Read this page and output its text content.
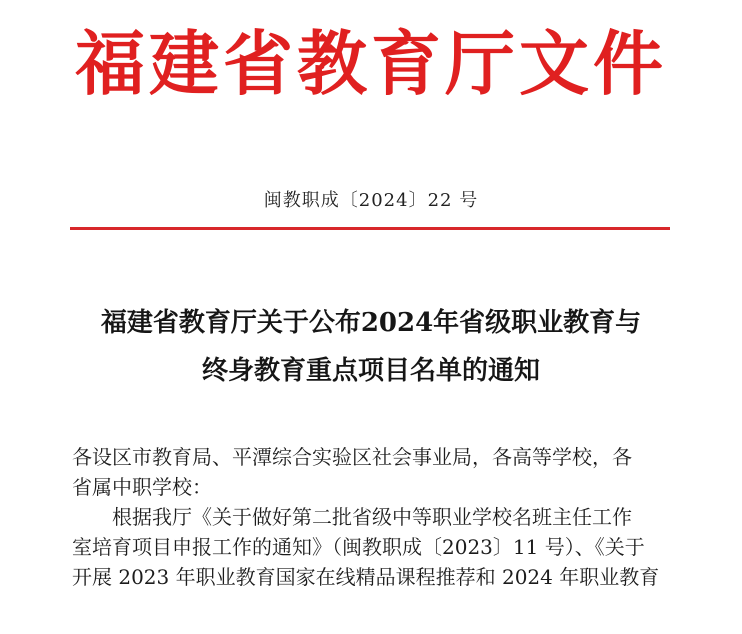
福建省教育厅文件
闽教职成〔2024〕22 号
福建省教育厅关于公布2024年省级职业教育与
终身教育重点项目名单的通知

各设区市教育局、平潭综合实验区社会事业局，各高等学校，各

省属中职学校：

根据我厅《关于做好第二批省级中等职业学校名班主任工作

室培育项目申报工作的通知》（闽教职成〔2023〕11 号）、《关于

开展 2023 年职业教育国家在线精品课程推荐和 2024 年职业教育
